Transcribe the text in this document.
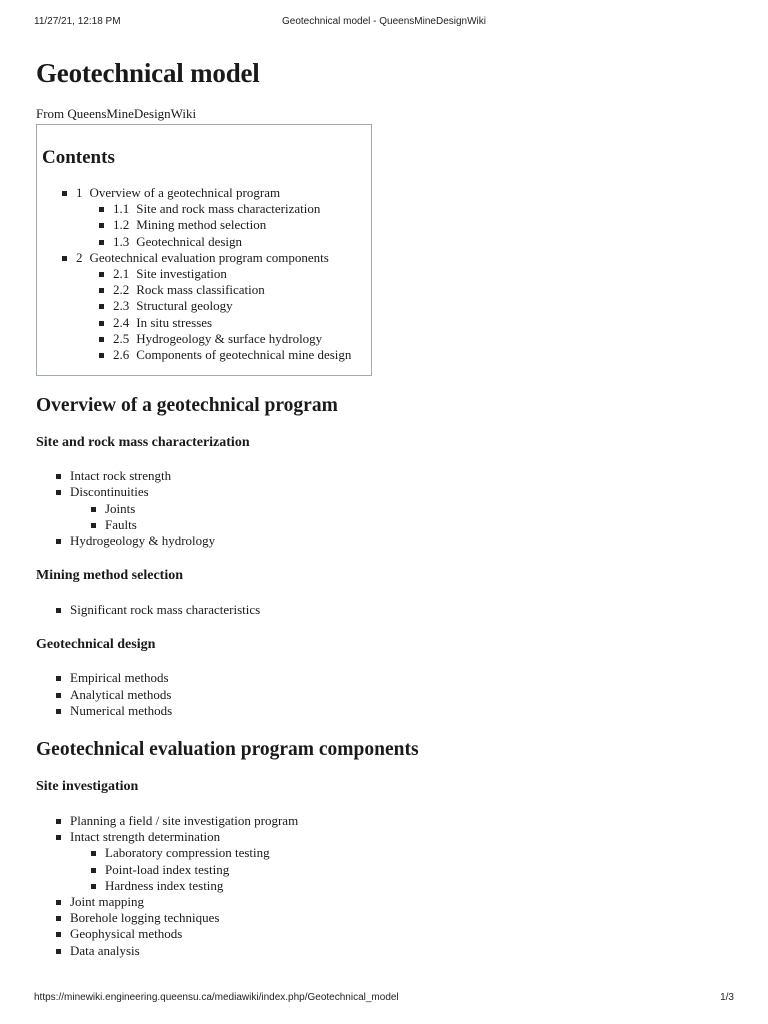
11/27/21, 12:18 PM	Geotechnical model - QueensMineDesignWiki
Geotechnical model
From QueensMineDesignWiki
Contents
1 Overview of a geotechnical program
1.1 Site and rock mass characterization
1.2 Mining method selection
1.3 Geotechnical design
2 Geotechnical evaluation program components
2.1 Site investigation
2.2 Rock mass classification
2.3 Structural geology
2.4 In situ stresses
2.5 Hydrogeology & surface hydrology
2.6 Components of geotechnical mine design
Overview of a geotechnical program
Site and rock mass characterization
Intact rock strength
Discontinuities
Joints
Faults
Hydrogeology & hydrology
Mining method selection
Significant rock mass characteristics
Geotechnical design
Empirical methods
Analytical methods
Numerical methods
Geotechnical evaluation program components
Site investigation
Planning a field / site investigation program
Intact strength determination
Laboratory compression testing
Point-load index testing
Hardness index testing
Joint mapping
Borehole logging techniques
Geophysical methods
Data analysis
https://minewiki.engineering.queensu.ca/mediawiki/index.php/Geotechnical_model	1/3
